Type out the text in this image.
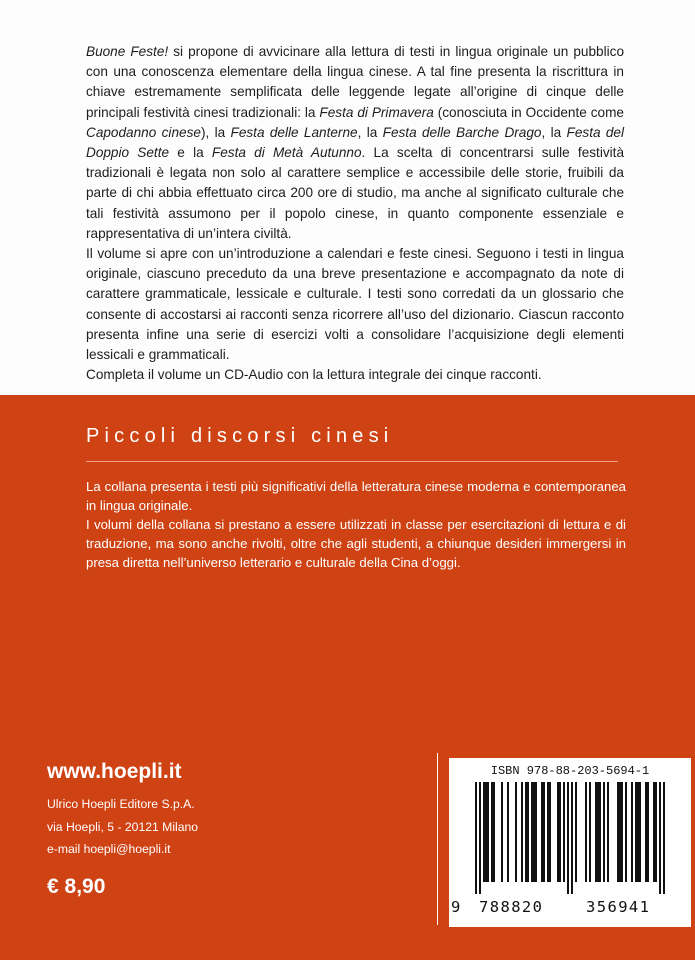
Buone Feste! si propone di avvicinare alla lettura di testi in lingua originale un pubblico con una conoscenza elementare della lingua cinese. A tal fine presenta la riscrittura in chiave estremamente semplificata delle leggende legate all’origine di cinque delle principali festività cinesi tradizionali: la Festa di Primavera (conosciuta in Occidente come Capodanno cinese), la Festa delle Lanterne, la Festa delle Barche Drago, la Festa del Doppio Sette e la Festa di Metà Autunno. La scelta di concentrarsi sulle festività tradizionali è legata non solo al carattere semplice e accessibile delle storie, fruibili da parte di chi abbia effettuato circa 200 ore di studio, ma anche al significato culturale che tali festività assumono per il popolo cinese, in quanto componente essenziale e rappresentativa di un’intera civiltà.

Il volume si apre con un’introduzione a calendari e feste cinesi. Seguono i testi in lingua originale, ciascuno preceduto da una breve presentazione e accompagnato da note di carattere grammaticale, lessicale e culturale. I testi sono corredati da un glossario che consente di accostarsi ai racconti senza ricorrere all’uso del dizionario. Ciascun racconto presenta infine una serie di esercizi volti a consolidare l’acquisizione degli elementi lessicali e grammaticali.

Completa il volume un CD-Audio con la lettura integrale dei cinque racconti.

Piccoli discorsi cinesi

La collana presenta i testi più significativi della letteratura cinese moderna e contemporanea in lingua originale.

I volumi della collana si prestano a essere utilizzati in classe per esercitazioni di lettura e di traduzione, ma sono anche rivolti, oltre che agli studenti, a chiunque desideri immergersi in presa diretta nell’universo letterario e culturale della Cina d’oggi.

www.hoepli.it
Ulrico Hoepli Editore S.p.A.
via Hoepli, 5 - 20121 Milano
e-mail hoepli@hoepli.it
€ 8,90
ISBN 978-88-203-5694-1
9 788820	356941
